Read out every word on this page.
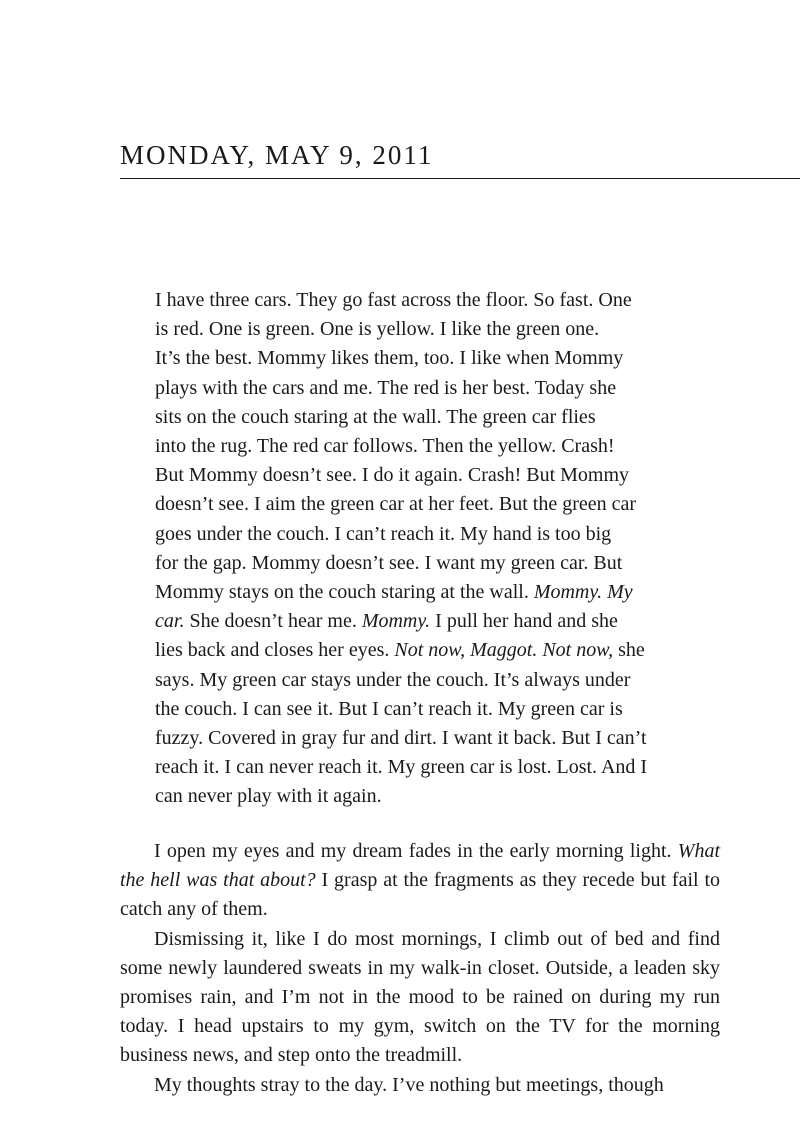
MONDAY, MAY 9, 2011
I have three cars. They go fast across the floor. So fast. One
is red. One is green. One is yellow. I like the green one.
It’s the best. Mommy likes them, too. I like when Mommy
plays with the cars and me. The red is her best. Today she
sits on the couch staring at the wall. The green car flies
into the rug. The red car follows. Then the yellow. Crash!
But Mommy doesn’t see. I do it again. Crash! But Mommy
doesn’t see. I aim the green car at her feet. But the green car
goes under the couch. I can’t reach it. My hand is too big
for the gap. Mommy doesn’t see. I want my green car. But
Mommy stays on the couch staring at the wall. Mommy. My
car. She doesn’t hear me. Mommy. I pull her hand and she
lies back and closes her eyes. Not now, Maggot. Not now, she
says. My green car stays under the couch. It’s always under
the couch. I can see it. But I can’t reach it. My green car is
fuzzy. Covered in gray fur and dirt. I want it back. But I can’t
reach it. I can never reach it. My green car is lost. Lost. And I
can never play with it again.

I open my eyes and my dream fades in the early morning light. What the hell was that about? I grasp at the fragments as they recede but fail to catch any of them.

Dismissing it, like I do most mornings, I climb out of bed and find some newly laundered sweats in my walk-in closet. Outside, a leaden sky promises rain, and I’m not in the mood to be rained on during my run today. I head upstairs to my gym, switch on the TV for the morning business news, and step onto the treadmill.

My thoughts stray to the day. I’ve nothing but meetings, though
